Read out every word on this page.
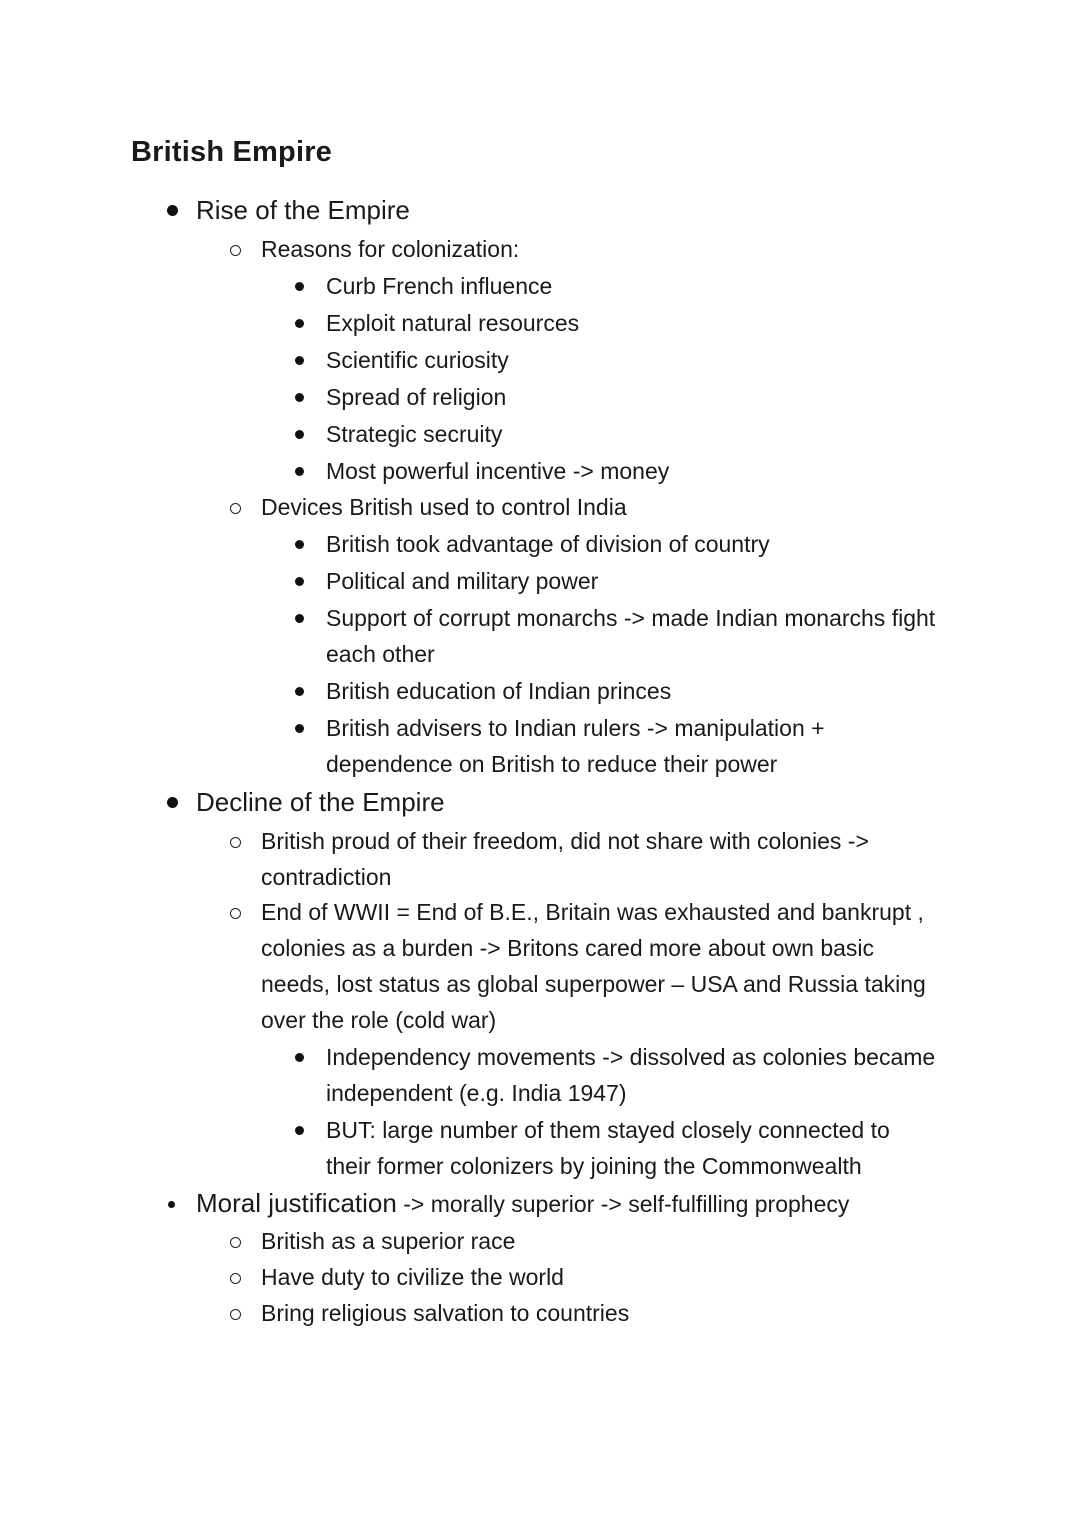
British Empire
Rise of the Empire
Reasons for colonization:
Curb French influence
Exploit natural resources
Scientific curiosity
Spread of religion
Strategic secruity
Most powerful incentive -> money
Devices British used to control India
British took advantage of division of country
Political and military power
Support of corrupt monarchs -> made Indian monarchs fight
each other
British education of Indian princes
British advisers to Indian rulers -> manipulation +
dependence on British to reduce their power
Decline of the Empire
British proud of their freedom, did not share with colonies ->
contradiction
End of WWII = End of B.E., Britain was exhausted and bankrupt ,
colonies as a burden -> Britons cared more about own basic
needs, lost status as global superpower – USA and Russia taking
over the role (cold war)
Independency movements -> dissolved as colonies became
independent (e.g. India 1947)
BUT: large number of them stayed closely connected to
their former colonizers by joining the Commonwealth
Moral justification -> morally superior -> self-fulfilling prophecy
British as a superior race
Have duty to civilize the world
Bring religious salvation to countries
